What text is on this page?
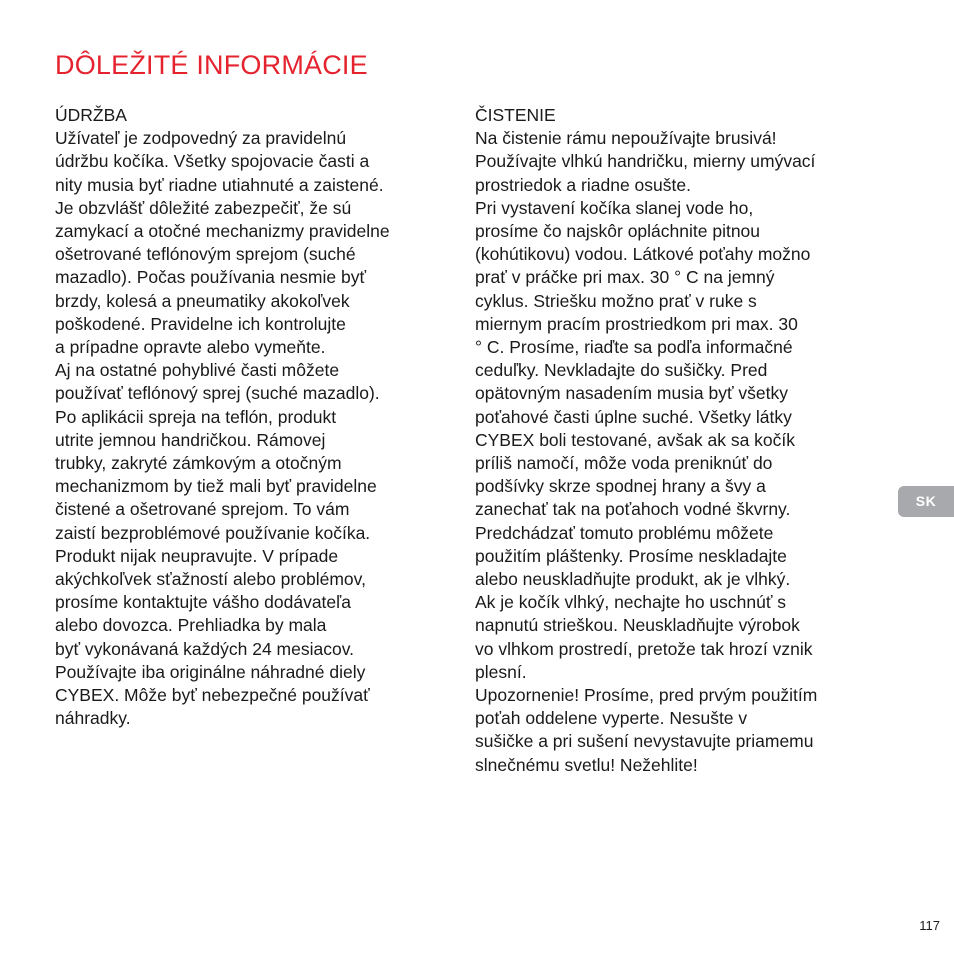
DÔLEŽITÉ INFORMÁCIE
ÚDRŽBA
Užívateľ je zodpovedný za pravidelnú
údržbu kočíka. Všetky spojovacie časti a
nity musia byť riadne utiahnuté a zaistené.
Je obzvlášť dôležité zabezpečiť, že sú
zamykací a otočné mechanizmy pravidelne
ošetrované teflónovým sprejom (suché
mazadlo). Počas používania nesmie byť
brzdy, kolesá a pneumatiky akokoľvek
poškodené. Pravidelne ich kontrolujte
a prípadne opravte alebo vymeňte.
Aj na ostatné pohyblivé časti môžete
používať teflónový sprej (suché mazadlo).
Po aplikácii spreja na teflón, produkt
utrite jemnou handričkou. Rámovej
trubky, zakryté zámkovým a otočným
mechanizmom by tiež mali byť pravidelne
čistené a ošetrované sprejom. To vám
zaistí bezproblémové používanie kočíka.
Produkt nijak neupravujte. V prípade
akýchkoľvek sťažností alebo problémov,
prosíme kontaktujte vášho dodávateľa
alebo dovozca. Prehliadka by mala
byť vykonávaná každých 24 mesiacov.
Používajte iba originálne náhradné diely
CYBEX. Môže byť nebezpečné používať
náhradky.
ČISTENIE
Na čistenie rámu nepoužívajte brusivá!
Používajte vlhkú handričku, mierny umývací
prostriedok a riadne osušte.
Pri vystavení kočíka slanej vode ho,
prosíme čo najskôr opláchnite pitnou
(kohútikovu) vodou. Látkové poťahy možno
prať v práčke pri max. 30 ° C na jemný
cyklus. Striešku možno prať v ruke s
miernym pracím prostriedkom pri max. 30
° C. Prosíme, riaďte sa podľa informačné
ceduľky. Nevkladajte do sušičky. Pred
opätovným nasadením musia byť všetky
poťahové časti úplne suché. Všetky látky
CYBEX boli testované, avšak ak sa kočík
príliš namočí, môže voda preniknúť do
podšívky skrze spodnej hrany a švy a
zanechať tak na poťahoch vodné škvrny.
Predchádzať tomuto problému môžete
použitím pláštenky. Prosíme neskladajte
alebo neuskladňujte produkt, ak je vlhký.
Ak je kočík vlhký, nechajte ho uschnúť s
napnutú strieškou. Neuskladňujte výrobok
vo vlhkom prostredí, pretože tak hrozí vznik
plesní.
Upozornenie! Prosíme, pred prvým použitím
poťah oddelene vyperte. Nesušte v
sušičke a pri sušení nevystavujte priamemu
slnečnému svetlu! Nežehlite!
SK
117
